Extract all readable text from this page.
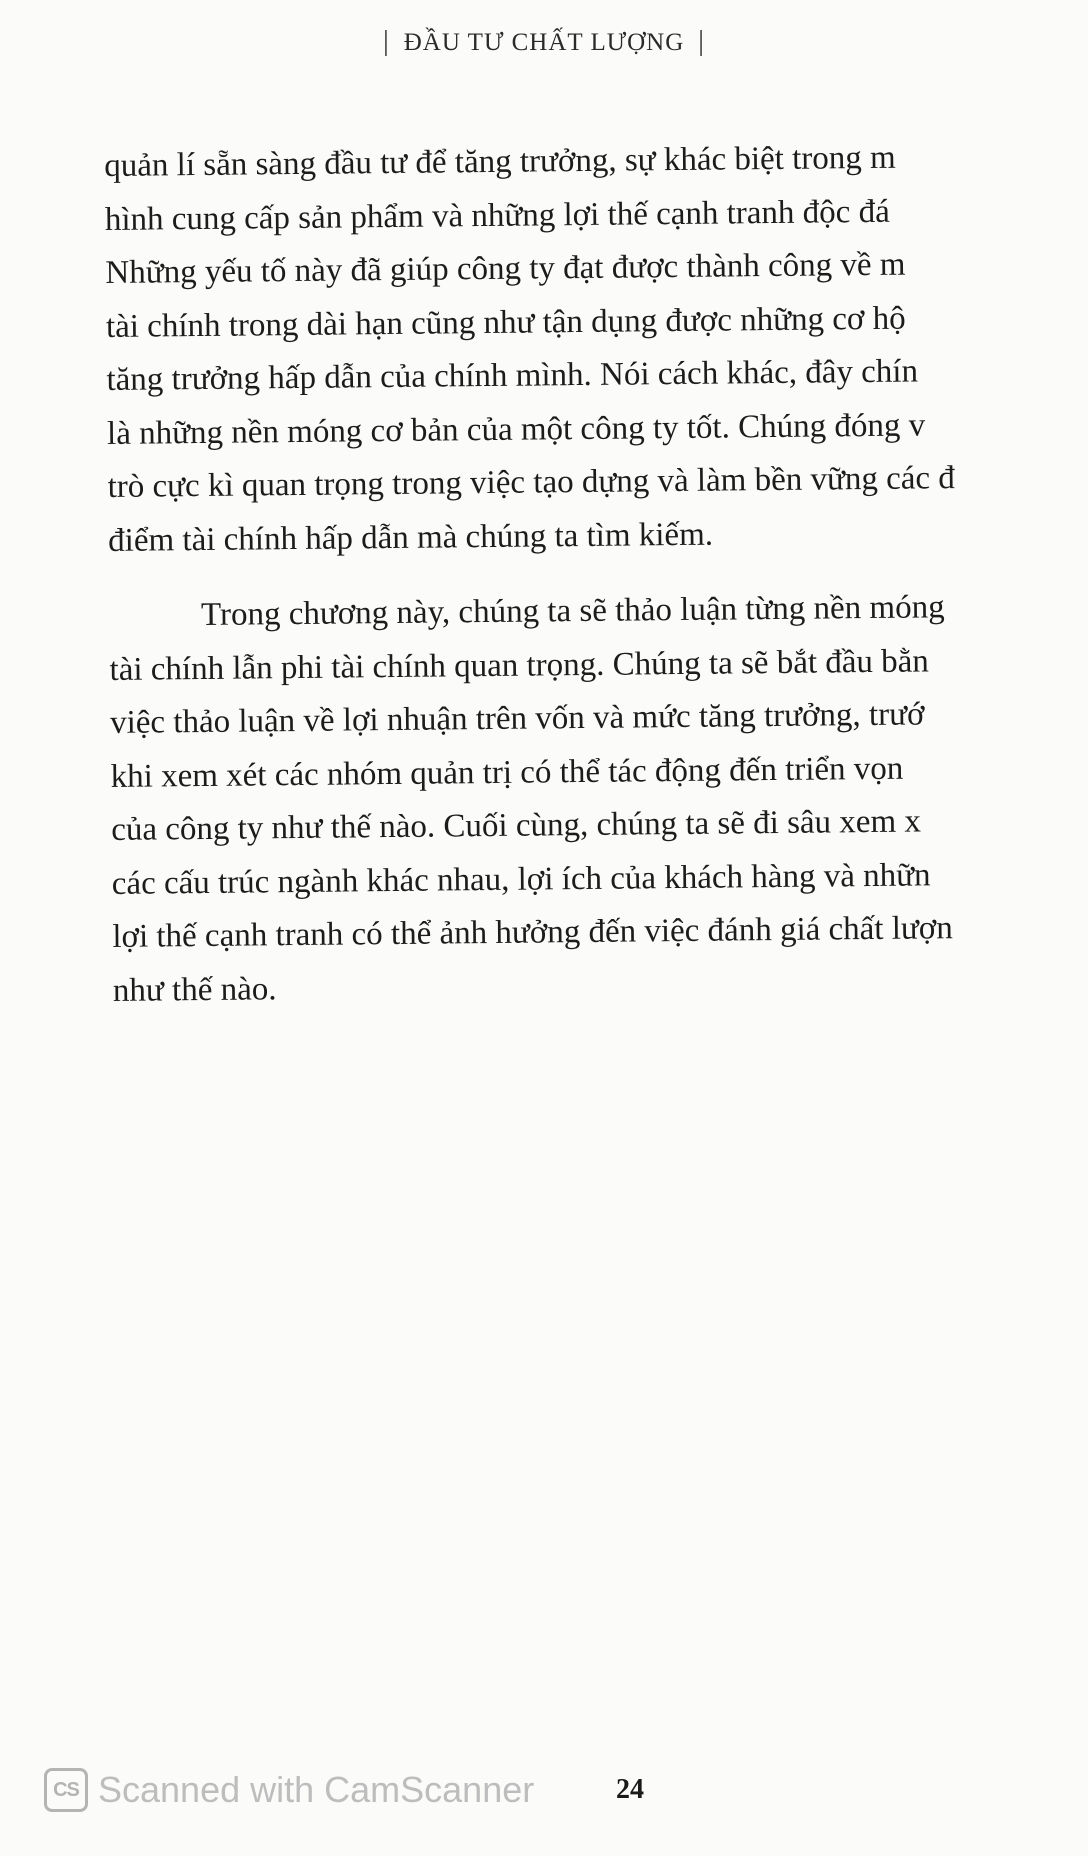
| ĐẦU TƯ CHẤT LƯỢNG |

quản lí sẵn sàng đầu tư để tăng trưởng, sự khác biệt trong m
hình cung cấp sản phẩm và những lợi thế cạnh tranh độc đá
Những yếu tố này đã giúp công ty đạt được thành công về m
tài chính trong dài hạn cũng như tận dụng được những cơ hộ
tăng trưởng hấp dẫn của chính mình. Nói cách khác, đây chín
là những nền móng cơ bản của một công ty tốt. Chúng đóng v
trò cực kì quan trọng trong việc tạo dựng và làm bền vững các đ
điểm tài chính hấp dẫn mà chúng ta tìm kiếm.

Trong chương này, chúng ta sẽ thảo luận từng nền móng
tài chính lẫn phi tài chính quan trọng. Chúng ta sẽ bắt đầu bằn
việc thảo luận về lợi nhuận trên vốn và mức tăng trưởng, trướ
khi xem xét các nhóm quản trị có thể tác động đến triển vọn
của công ty như thế nào. Cuối cùng, chúng ta sẽ đi sâu xem x
các cấu trúc ngành khác nhau, lợi ích của khách hàng và nhữn
lợi thế cạnh tranh có thể ảnh hưởng đến việc đánh giá chất lượn
như thế nào.

CS Scanned with CamScanner	24
